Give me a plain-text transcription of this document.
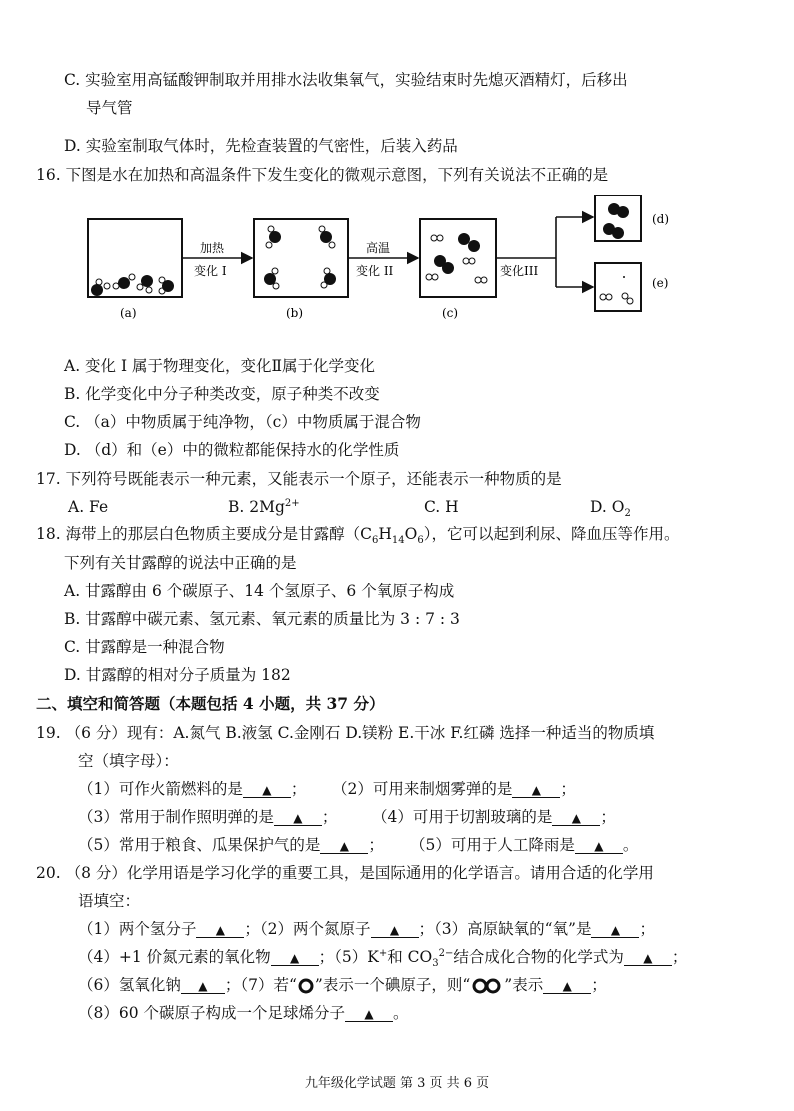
C. 实验室用高锰酸钾制取并用排水法收集氧气，实验结束时先熄灭酒精灯，后移出
导气管
D. 实验室制取气体时，先检查装置的气密性，后装入药品
16. 下图是水在加热和高温条件下发生变化的微观示意图，下列有关说法不正确的是
(a)
加热
变化 I
(b)
高温
变化 II
(c)
变化III
(d)
(e)
A. 变化 I 属于物理变化，变化Ⅱ属于化学变化
B. 化学变化中分子种类改变，原子种类不改变
C. （a）中物质属于纯净物，（c）中物质属于混合物
D. （d）和（e）中的微粒都能保持水的化学性质
17. 下列符号既能表示一种元素，又能表示一个原子，还能表示一种物质的是
A. Fe	B. $2Mg^{2+}$	C. H	D. $O_2$
18. 海带上的那层白色物质主要成分是甘露醇$(C_6H_{14}O_6)$，它可以起到利尿、降血压等作用。
下列有关甘露醇的说法中正确的是
A. 甘露醇由 6 个碳原子、14 个氢原子、6 个氧原子构成
B. 甘露醇中碳元素、氢元素、氧元素的质量比为 3 : 7 : 3
C. 甘露醇是一种混合物
D. 甘露醇的相对分子质量为 182
二、填空和简答题（本题包括 4 小题，共 37 分）
19. （6 分）现有：A.氮气 B.液氢 C.金刚石 D.镁粉 E.干冰 F.红磷 选择一种适当的物质填
空（填字母）：
（1）可作火箭燃料的是 ▲ ； （2）可用来制烟雾弹的是 ▲ ；
（3）常用于制作照明弹的是 ▲ ； （4）可用于切割玻璃的是 ▲ ；
（5）常用于粮食、瓜果保护气的是 ▲ ； （5）可用于人工降雨是 ▲ 。
20. （8 分）化学用语是学习化学的重要工具，是国际通用的化学语言。请用合适的化学用
语填空：
（1）两个氢分子 ▲ ；（2）两个氮原子 ▲ ；（3）高原缺氧的“氧”是 ▲ ；
（4）+1 价氮元素的氧化物 ▲ ；（5）K+和 $CO_3^{2-}$结合成化合物的化学式为 ▲ ；
（6）氢氧化钠 ▲ ；（7）若“ ”表示一个碘原子，则“ ”表示 ▲ ；
（8）60 个碳原子构成一个足球烯分子 ▲ 。
九年级化学试题 第 3 页 共 6 页
